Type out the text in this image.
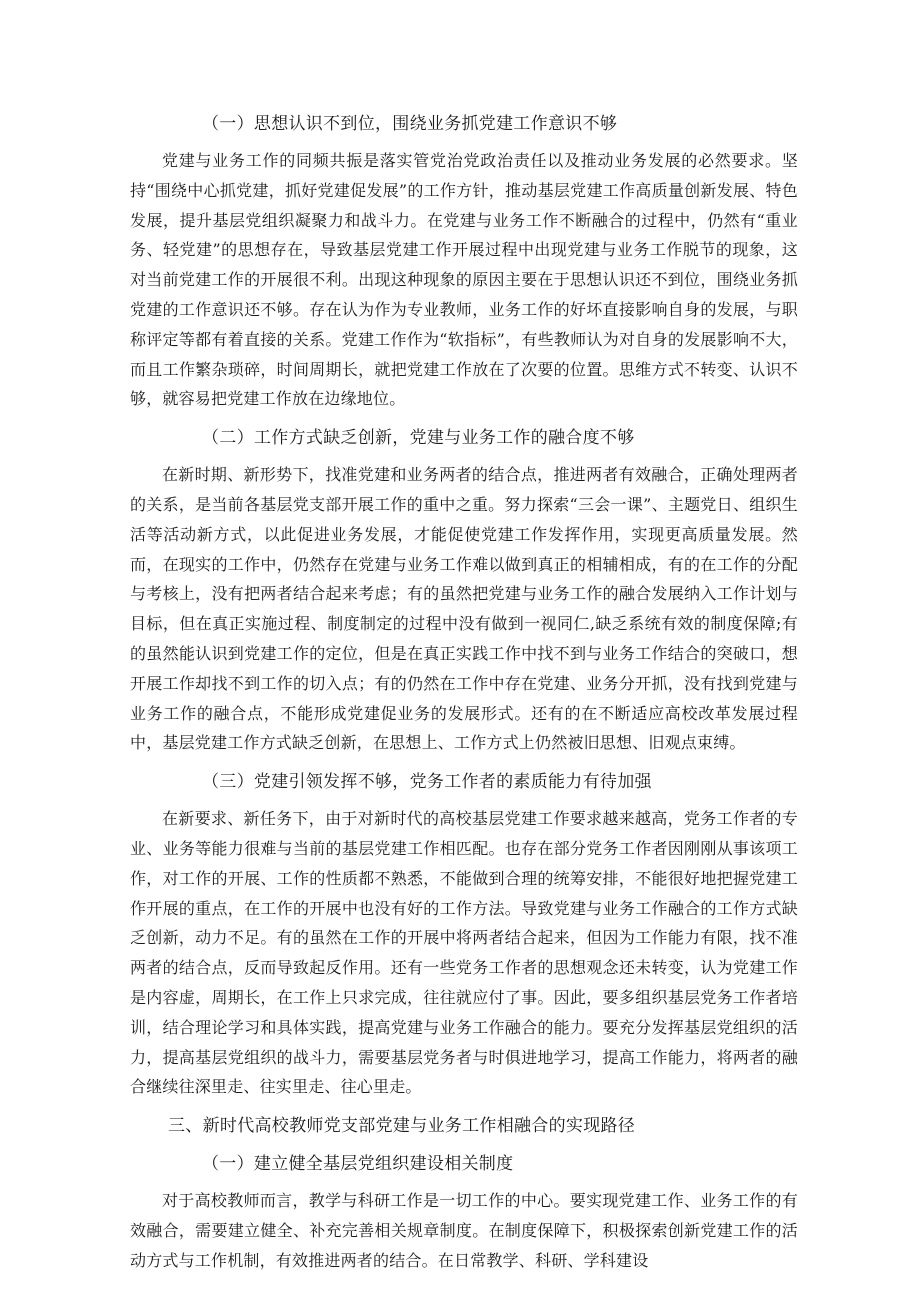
（一）思想认识不到位，围绕业务抓党建工作意识不够

党建与业务工作的同频共振是落实管党治党政治责任以及推动业务发展的必然要求。坚持“围绕中心抓党建，抓好党建促发展”的工作方针，推动基层党建工作高质量创新发展、特色发展，提升基层党组织凝聚力和战斗力。在党建与业务工作不断融合的过程中，仍然有“重业务、轻党建”的思想存在，导致基层党建工作开展过程中出现党建与业务工作脱节的现象，这对当前党建工作的开展很不利。出现这种现象的原因主要在于思想认识还不到位，围绕业务抓党建的工作意识还不够。存在认为作为专业教师，业务工作的好坏直接影响自身的发展，与职称评定等都有着直接的关系。党建工作作为“软指标”，有些教师认为对自身的发展影响不大，而且工作繁杂琐碎，时间周期长，就把党建工作放在了次要的位置。思维方式不转变、认识不够，就容易把党建工作放在边缘地位。

（二）工作方式缺乏创新，党建与业务工作的融合度不够

在新时期、新形势下，找准党建和业务两者的结合点，推进两者有效融合，正确处理两者的关系，是当前各基层党支部开展工作的重中之重。努力探索“三会一课”、主题党日、组织生活等活动新方式，以此促进业务发展，才能促使党建工作发挥作用，实现更高质量发展。然而，在现实的工作中，仍然存在党建与业务工作难以做到真正的相辅相成，有的在工作的分配与考核上，没有把两者结合起来考虑；有的虽然把党建与业务工作的融合发展纳入工作计划与目标，但在真正实施过程、制度制定的过程中没有做到一视同仁,缺乏系统有效的制度保障;有的虽然能认识到党建工作的定位，但是在真正实践工作中找不到与业务工作结合的突破口，想开展工作却找不到工作的切入点；有的仍然在工作中存在党建、业务分开抓，没有找到党建与业务工作的融合点，不能形成党建促业务的发展形式。还有的在不断适应高校改革发展过程中，基层党建工作方式缺乏创新，在思想上、工作方式上仍然被旧思想、旧观点束缚。

（三）党建引领发挥不够，党务工作者的素质能力有待加强

在新要求、新任务下，由于对新时代的高校基层党建工作要求越来越高，党务工作者的专业、业务等能力很难与当前的基层党建工作相匹配。也存在部分党务工作者因刚刚从事该项工作，对工作的开展、工作的性质都不熟悉，不能做到合理的统筹安排，不能很好地把握党建工作开展的重点，在工作的开展中也没有好的工作方法。导致党建与业务工作融合的工作方式缺乏创新，动力不足。有的虽然在工作的开展中将两者结合起来，但因为工作能力有限，找不准两者的结合点，反而导致起反作用。还有一些党务工作者的思想观念还未转变，认为党建工作是内容虚，周期长，在工作上只求完成，往往就应付了事。因此，要多组织基层党务工作者培训，结合理论学习和具体实践，提高党建与业务工作融合的能力。要充分发挥基层党组织的活力，提高基层党组织的战斗力，需要基层党务者与时俱进地学习，提高工作能力，将两者的融合继续往深里走、往实里走、往心里走。

三、新时代高校教师党支部党建与业务工作相融合的实现路径

（一）建立健全基层党组织建设相关制度

对于高校教师而言，教学与科研工作是一切工作的中心。要实现党建工作、业务工作的有效融合，需要建立健全、补充完善相关规章制度。在制度保障下，积极探索创新党建工作的活动方式与工作机制，有效推进两者的结合。在日常教学、科研、学科建设
